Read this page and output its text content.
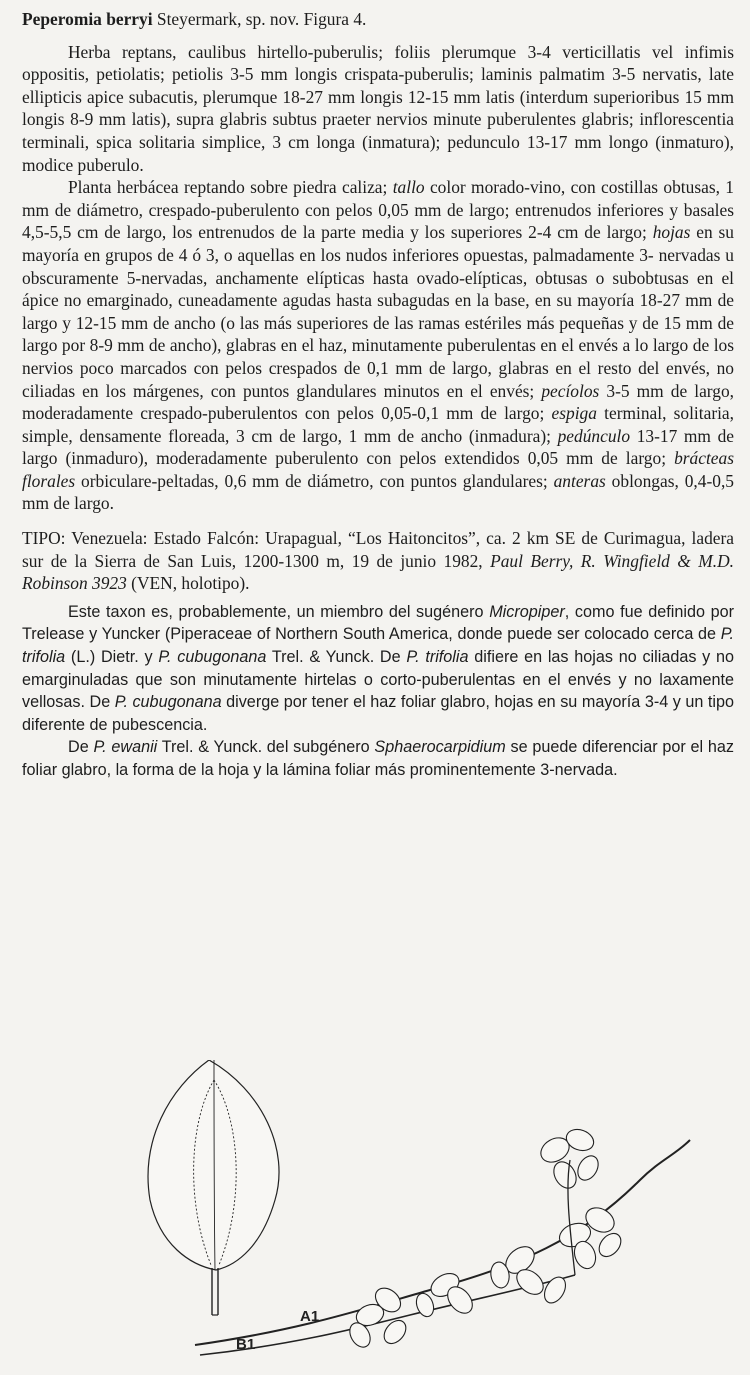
Peperomia berryi Steyermark, sp. nov. Figura 4.

Herba reptans, caulibus hirtello-puberulis; foliis plerumque 3-4 verticillatis vel infimis oppositis, petiolatis; petiolis 3-5 mm longis crispata-puberulis; laminis palmatim 3-5 nervatis, late ellipticis apice subacutis, plerumque 18-27 mm longis 12-15 mm latis (interdum superioribus 15 mm longis 8-9 mm latis), supra glabris subtus praeter nervios minute puberulentes glabris; inflorescentia terminali, spica solitaria simplice, 3 cm longa (inmatura); pedunculo 13-17 mm longo (inmaturo), modice puberulo.

Planta herbácea reptando sobre piedra caliza; tallo color morado-vino, con costillas obtusas, 1 mm de diámetro, crespado-puberulento con pelos 0,05 mm de largo; entrenudos inferiores y basales 4,5-5,5 cm de largo, los entrenudos de la parte media y los superiores 2-4 cm de largo; hojas en su mayoría en grupos de 4 ó 3, o aquellas en los nudos inferiores opuestas, palmadamente 3- nervadas u obscuramente 5-nervadas, anchamente elípticas hasta ovado-elípticas, obtusas o subobtusas en el ápice no emarginado, cuneadamente agudas hasta subagudas en la base, en su mayoría 18-27 mm de largo y 12-15 mm de ancho (o las más superiores de las ramas estériles más pequeñas y de 15 mm de largo por 8-9 mm de ancho), glabras en el haz, minutamente puberulentas en el envés a lo largo de los nervios poco marcados con pelos crespados de 0,1 mm de largo, glabras en el resto del envés, no ciliadas en los márgenes, con puntos glandulares minutos en el envés; pecíolos 3-5 mm de largo, moderadamente crespado-puberulentos con pelos 0,05-0,1 mm de largo; espiga terminal, solitaria, simple, densamente floreada, 3 cm de largo, 1 mm de ancho (inmadura); pedúnculo 13-17 mm de largo (inmaduro), moderadamente puberulento con pelos extendidos 0,05 mm de largo; brácteas florales orbiculare-peltadas, 0,6 mm de diámetro, con puntos glandulares; anteras oblongas, 0,4-0,5 mm de largo.

TIPO: Venezuela: Estado Falcón: Urapagual, “Los Haitoncitos”, ca. 2 km SE de Curimagua, ladera sur de la Sierra de San Luis, 1200-1300 m, 19 de junio 1982, Paul Berry, R. Wingfield & M.D. Robinson 3923 (VEN, holotipo).

Este taxon es, probablemente, un miembro del sugénero Micropiper, como fue definido por Trelease y Yuncker (Piperaceae of Northern South America, donde puede ser colocado cerca de P. trifolia (L.) Dietr. y P. cubugonana Trel. & Yunck. De P. trifolia difiere en las hojas no ciliadas y no emarginuladas que son minutamente hirtelas o corto-puberulentas en el envés y no laxamente vellosas. De P. cubugonana diverge por tener el haz foliar glabro, hojas en su mayoría 3-4 y un tipo diferente de pubescencia.

De P. ewanii Trel. & Yunck. del subgénero Sphaerocarpidium se puede diferenciar por el haz foliar glabro, la forma de la hoja y la lámina foliar más prominentemente 3-nervada.

B1
A1
